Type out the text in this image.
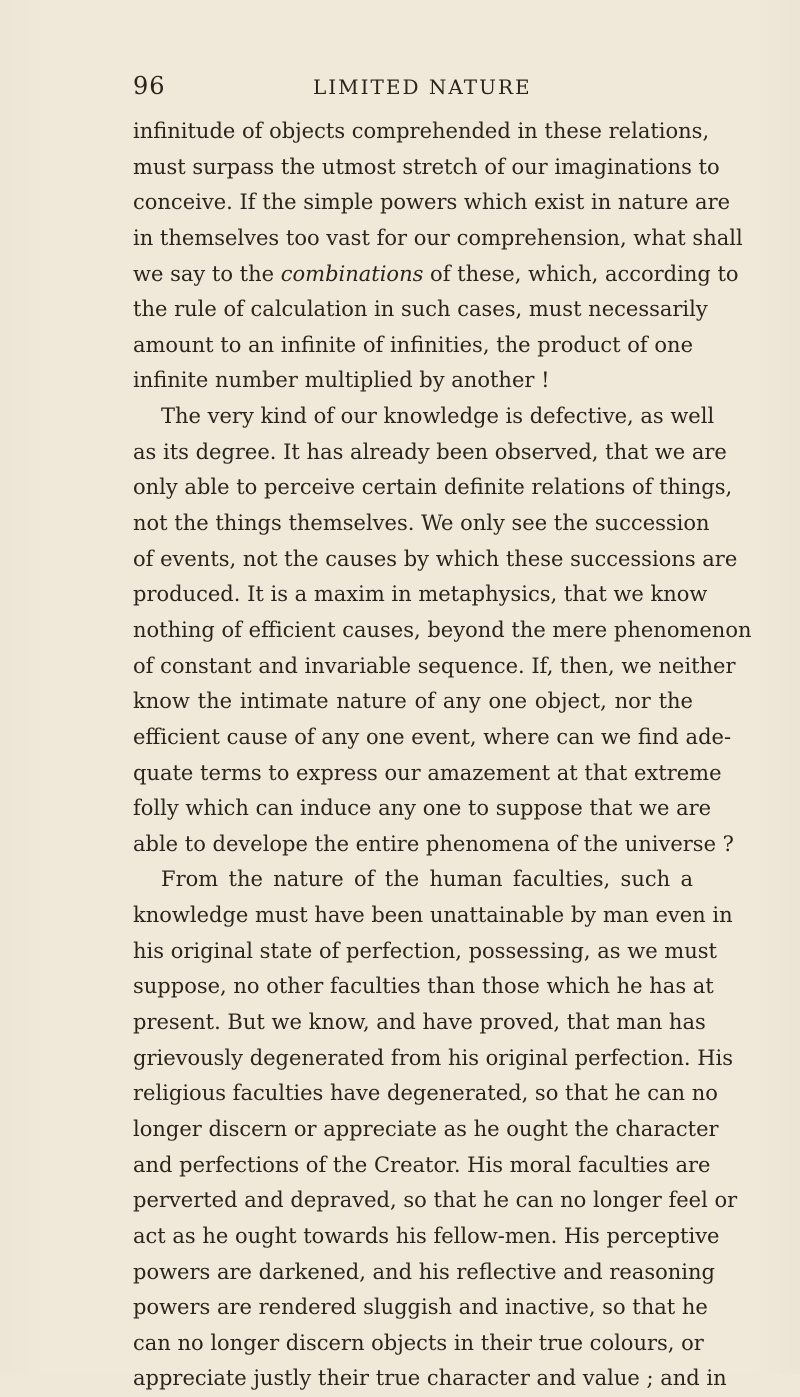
96	LIMITED NATURE
infinitude of objects comprehended in these relations,
must surpass the utmost stretch of our imaginations to
conceive. If the simple powers which exist in nature are
in themselves too vast for our comprehension, what shall
we say to the combinations of these, which, according to
the rule of calculation in such cases, must necessarily
amount to an infinite of infinities, the product of one
infinite number multiplied by another !
The very kind of our knowledge is defective, as well
as its degree. It has already been observed, that we are
only able to perceive certain definite relations of things,
not the things themselves. We only see the succession
of events, not the causes by which these successions are
produced. It is a maxim in metaphysics, that we know
nothing of efficient causes, beyond the mere phenomenon
of constant and invariable sequence. If, then, we neither
know the intimate nature of any one object, nor the
efficient cause of any one event, where can we find ade-
quate terms to express our amazement at that extreme
folly which can induce any one to suppose that we are
able to develope the entire phenomena of the universe ?
From the nature of the human faculties, such a
knowledge must have been unattainable by man even in
his original state of perfection, possessing, as we must
suppose, no other faculties than those which he has at
present. But we know, and have proved, that man has
grievously degenerated from his original perfection. His
religious faculties have degenerated, so that he can no
longer discern or appreciate as he ought the character
and perfections of the Creator. His moral faculties are
perverted and depraved, so that he can no longer feel or
act as he ought towards his fellow-men. His perceptive
powers are darkened, and his reflective and reasoning
powers are rendered sluggish and inactive, so that he
can no longer discern objects in their true colours, or
appreciate justly their true character and value ; and in
